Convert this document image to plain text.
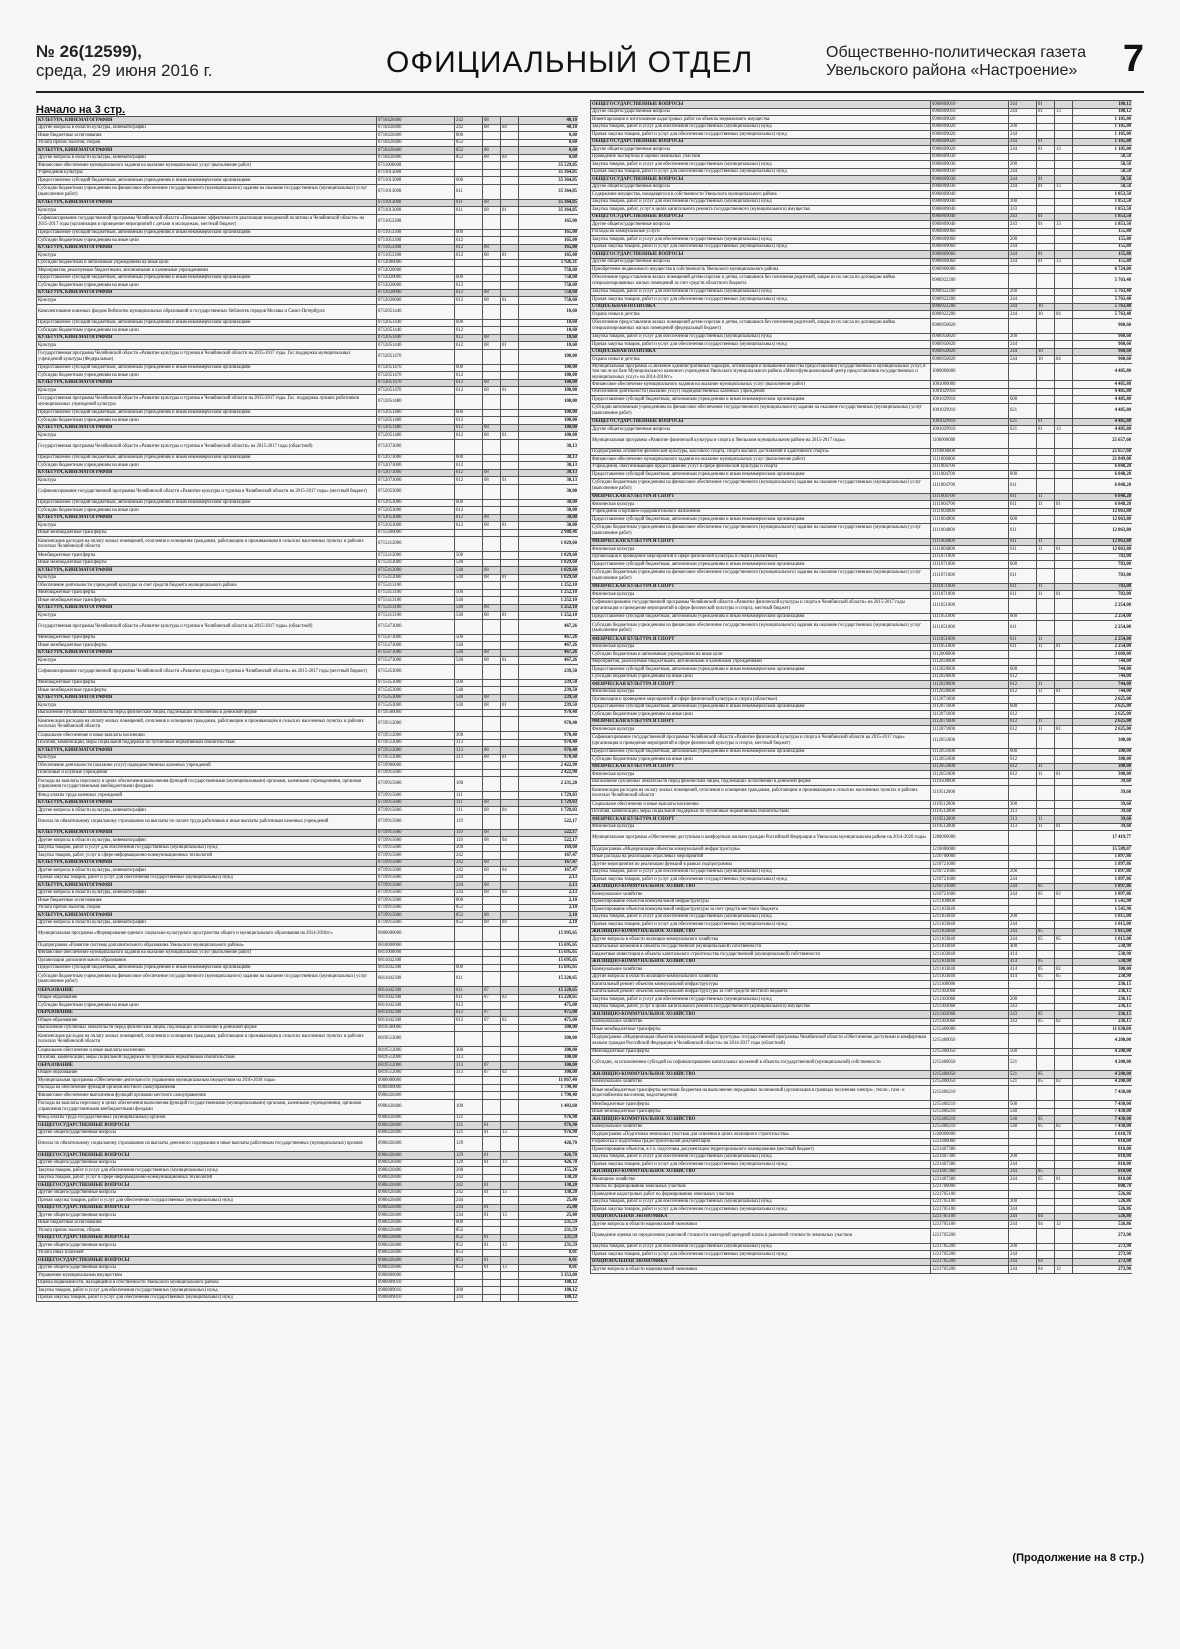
№ 26(12599),
среда, 29 июня 2016 г.	ОФИЦИАЛЬНЫЙ ОТДЕЛ	Общественно-политическая газета
Увельского района «Настроение» 7
Начало на 3 стр.
КУЛЬТУРА, КИНЕМАТОГРАФИЯ	0710420400	242	08		40,10
Другие вопросы в области культуры, кинематографии	0710420400	242	08	04	40,10
Иные бюджетные ассигнования	0710420400	800			0,60
Уплата прочих налогов, сборов	0710420400	852			0,60
КУЛЬТУРА, КИНЕМАТОГРАФИЯ	0710420400	852	08		0,60
Другие вопросы в области культуры, кинематографии	0710420400	852	08	04	0,60
Финансовое обеспечение муниципального задания на оказание муниципальных услуг (выполнение работ)	0711000000				35 529,85
Учреждения культуры	0711013000				35 364,85
Предоставление субсидий бюджетным, автономным учреждениям и иным некоммерческим организациям	0711013000	600			35 364,85
Субсидии бюджетным учреждениям на финансовое обеспечение государственного (муниципального) задания на оказание государственных (муниципальных) услуг (выполнение работ)	0711013000	611			35 364,85
КУЛЬТУРА, КИНЕМАТОГРАФИЯ	0711013000	611	08		35 364,85
Культура	0711013000	611	08	01	35 364,85
Софинансирование государственной программы Челябинской области «Повышение эффективности реализации молодежной политики в Челябинской области» на 2015-2017 годы (организация и проведение мероприятий с детьми и молодежью, местный бюджет)	0711053300				165,00
Предоставление субсидий бюджетным, автономным учреждениям и иным некоммерческим организациям	0711053300	600			165,00
Субсидии бюджетным учреждениям на иные цели	0711053300	612			165,00
КУЛЬТУРА, КИНЕМАТОГРАФИЯ	0711053300	612	08		165,00
Культура	0711053300	612	08	01	165,00
Субсидии бюджетным и автономным учреждениям на иные цели	0712000000				1 926,11
Мероприятия, реализуемые бюджетными, автономными и казенными учреждениями	0712020000				758,60
Предоставление субсидий бюджетным, автономным учреждениям и иным некоммерческим организациям	0712020000	600			758,60
Субсидии бюджетным учреждениям на иные цели	0712020000	612			758,60
КУЛЬТУРА, КИНЕМАТОГРАФИЯ	0712020000	612	08		758,60
Культура	0712020000	612	08	01	758,60
Комплектование книжных фондов библиотек муниципальных образований и государственных библиотек городов Москвы и Санкт-Петербурга	0712051440				10,60
Предоставление субсидий бюджетным, автономным учреждениям и иным некоммерческим организациям	0712051440	600			10,60
Субсидии бюджетным учреждениям на иные цели	0712051440	612			10,60
КУЛЬТУРА, КИНЕМАТОГРАФИЯ	0712051440	612	08		10,60
Культура	0712051440	612	08	01	10,60
Государственная программа Челябинской области «Развитие культуры и туризма в Челябинской области на 2015-2017 годы. Гос.поддержка муниципальных учреждений культуры (Федеральные)	0712051470				100,00
Предоставление субсидий бюджетным, автономным учреждениям и иным некоммерческим организациям	0712051470	600			100,00
Субсидии бюджетным учреждениям на иные цели	0712051470	612			100,00
КУЛЬТУРА, КИНЕМАТОГРАФИЯ	0712051470	612	08		100,00
Культура	0712051470	612	08	01	100,00
Государственная программа Челябинской области «Развитие культуры и туризма в Челябинской области на 2015-2017 годы. Гос. поддержка лучших работников муниципальных учреждений культуры	0712051480				100,00
Предоставление субсидий бюджетным, автономным учреждениям и иным некоммерческим организациям	0712051480	600			100,00
Субсидии бюджетным учреждениям на иные цели	0712051480	612			100,00
КУЛЬТУРА, КИНЕМАТОГРАФИЯ	0712051480	612	08		100,00
Культура	0712051480	612	08	01	100,00
Государственная программа Челябинской области «Развитие культуры и туризма в Челябинской области» на 2015-2017 годы (областной)	0712073000				30,13
Предоставление субсидий бюджетным, автономным учреждениям и иным некоммерческим организациям	0712073000	600			30,13
Субсидии бюджетным учреждениям на иные цели	0712073000	612			30,13
КУЛЬТУРА, КИНЕМАТОГРАФИЯ	0712073000	612	08		30,13
Культура	0712073000	612	08	01	30,13
Софинансирование государственной программы Челябинской области «Развитие культуры и туризма в Челябинской области на 2015-2017 годы» (местный бюджет)	0712053000				30,00
Предоставление субсидий бюджетным, автономным учреждениям и иным некоммерческим организациям	0712053000	600			30,00
Субсидии бюджетным учреждениям на иные цели	0712053000	612			30,00
КУЛЬТУРА, КИНЕМАТОГРАФИЯ	0712053000	612	08		30,00
Культура	0712053000	612	08	01	30,00
Иные межбюджетные трансферты	0715400000				2 988,46
Компенсация расходов на оплату жилых помещений, отопления и освещения гражданам, работающим и проживающим в сельских населенных пунктах и рабочих поселках Челябинской области	0715412000				1 029,60
Межбюджетные трансферты	0715412000	500			1 029,60
Иные межбюджетные трансферты	0715412000	540			1 029,60
КУЛЬТУРА, КИНЕМАТОГРАФИЯ	0715412000	540	08		1 029,60
Культура	0715412000	540	08	01	1 029,60
Обеспечение деятельности учреждений культуры за счет средств бюджета муниципального района	0715413100				1 252,10
Межбюджетные трансферты	0715413100	500			1 252,10
Иные межбюджетные трансферты	0715413100	540			1 252,10
КУЛЬТУРА, КИНЕМАТОГРАФИЯ	0715413100	540	08		1 252,10
Культура	0715413100	540	08	01	1 252,10
Государственная программа Челябинской области «Развитие культуры и туризма в Челябинской области на 2015-2017 годы» (областной)	0715473000				467,26
Межбюджетные трансферты	0715473000	500			467,26
Иные межбюджетные трансферты	0715473000	540			467,26
КУЛЬТУРА, КИНЕМАТОГРАФИЯ	0715473000	540	08		467,26
Культура	0715473000	540	08	01	467,26
Софинансирование государственной программы Челябинской области «Развитие культуры и туризма в Челябинской области» на 2015-2017 годы (местный бюджет)	0715453000				239,50
Межбюджетные трансферты	0715453000	500			239,50
Иные межбюджетные трансферты	0715453000	540			239,50
КУЛЬТУРА, КИНЕМАТОГРАФИЯ	0715453000	540	08		239,50
Культура	0715453000	540	08	01	239,50
Выполнение публичных обязательств перед физическим лицом, подлежащих исполнению в денежной форме	0719500000				970,40
Компенсация расходов на оплату жилых помещений, отопления и освещения гражданам, работающим и проживающим в сельских населенных пунктах и рабочих поселках Челябинской области	0719512000				970,40
Социальное обеспечение и иные выплаты населению	0719512000	300			970,40
Пособия, компенсации, меры социальной поддержки по публичным нормативным обязательствам	0719512000	313			970,40
КУЛЬТУРА, КИНЕМАТОГРАФИЯ	0719512000	313	08		970,40
Культура	0719512000	313	08	01	970,40
Обеспечение деятельности (оказание услуг) подведомственных казенных учреждений	0719900000				2 422,90
Поисковые и клубные учреждения	0719915600				2 422,90
Расходы на выплаты персоналу в целях обеспечения выполнения функций государственными (муниципальными) органами, казенными учреждениями, органами управления государственными внебюджетными фондами	0719915600	100			2 231,20
Фонд оплаты труда казенных учреждений	0719915600	111			1 729,03
КУЛЬТУРА, КИНЕМАТОГРАФИЯ	0719915600	111	08		1 729,03
Другие вопросы в области культуры, кинематографии	0719915600	111	08	04	1 729,03
Взносы по обязательному социальному страхованию на выплаты по оплате труда работников и иные выплаты работникам казенных учреждений	0719915600	119			522,17
КУЛЬТУРА, КИНЕМАТОГРАФИЯ	0719915600	119	08		522,17
Другие вопросы в области культуры, кинематографии	0719915600	119	08	04	522,17
Закупка товаров, работ и услуг для обеспечения государственных (муниципальных) нужд	0719915600	200			169,60
Закупка товаров, работ, услуг в сфере информационно-коммуникационных технологий	0719915600	242			167,47
КУЛЬТУРА, КИНЕМАТОГРАФИЯ	0719915600	242	08		167,47
Другие вопросы в области культуры, кинематографии	0719915600	242	08	04	167,47
Прочая закупка товаров, работ и услуг для обеспечения государственных (муниципальных) нужд	0719915600	244			2,13
КУЛЬТУРА, КИНЕМАТОГРАФИЯ	0719915600	244	08		2,13
Другие вопросы в области культуры, кинематографии	0719915600	244	08	04	2,13
Иные бюджетные ассигнования	0719915600	800			2,10
Уплата прочих налогов, сборов	0719915600	852			2,10
КУЛЬТУРА, КИНЕМАТОГРАФИЯ	0719915600	852	08		2,10
Другие вопросы в области культуры, кинематографии	0719915600	852	08	04	2,10
Муниципальная программа «Формирование единого социально-культурного пространства общего и муниципального образования на 2014-2018гг»	0800000000				15 995,65
Подпрограмма «Развитие системы дополнительного образования Увельского муниципального района»	0810000000				15 695,65
Финансовое обеспечение муниципального задания на оказание муниципальных услуг (выполнение работ)	0811000000				15 695,65
Организации дополнительного образования	0811042300				15 695,65
Предоставление субсидий бюджетным, автономным учреждениям и иным некоммерческим организациям	0811042300	600			15 695,65
Субсидии бюджетным учреждениям на финансовое обеспечение государственного (муниципального) задания на оказание государственных (муниципальных) услуг (выполнение работ)	0811042300	611			15 220,65
ОБРАЗОВАНИЕ	0811042300	611	07		15 220,65
Общее образование	0811042300	611	07	02	15 220,65
Субсидии бюджетным учреждениям на иные цели	0811042300	612			475,00
ОБРАЗОВАНИЕ	0811042300	612	07		475,00
Общее образование	0811042300	612	07	02	475,00
Выполнение публичных обязательств перед физическим лицом, подлежащих исполнению в денежной форме	0819500000				300,00
Компенсация расходов на оплату жилых помещений, отопления и освещения гражданам, работающим и проживающим в сельских населенных пунктах и рабочих поселках Челябинской области	0819512000				300,00
Социальное обеспечение и иные выплаты населению	0819512000	300			300,00
Пособия, компенсации, меры социальной поддержки по публичным нормативным обязательствам	0819512000	313			300,00
ОБРАЗОВАНИЕ	0819512000	313	07		300,00
Общее образование	0819512000	313	07	02	300,00
Муниципальная программа «Обеспечение деятельности управления муниципальным имуществом на 2016-2018 годы»	0900000000				11 867,40
Расходы на обеспечение функций органов местного самоуправления	0900400000				1 790,40
Финансовое обеспечение выполнения функций органами местного самоуправления	0900420400				1 790,40
Расходы на выплаты персоналу в целях обеспечения выполнения функций государственными (муниципальными) органами, казенными учреждениями, органами управления государственными внебюджетными фондами	0900420400	100			1 403,60
Фонд оплаты труда государственных (муниципальных) органов	0900420400	121			976,90
ОБЩЕГОСУДАРСТВЕННЫЕ ВОПРОСЫ	0900420400	121	01		976,90
Другие общегосударственные вопросы	0900420400	121	01	13	976,90
Взносы по обязательному социальному страхованию на выплаты денежного содержания и иные выплаты работникам государственных (муниципальных) органов	0900420400	129			426,70
ОБЩЕГОСУДАРСТВЕННЫЕ ВОПРОСЫ	0900420400	129	01		426,70
Другие общегосударственные вопросы	0900420400	129	01	13	426,70
Закупка товаров, работ и услуг для обеспечения государственных (муниципальных) нужд	0900420400	200			155,20
Закупка товаров, работ, услуг в сфере информационно-коммуникационных технологий	0900420400	242			130,20
ОБЩЕГОСУДАРСТВЕННЫЕ ВОПРОСЫ	0900420400	242	01		130,20
Другие общегосударственные вопросы	0900420400	242	01	13	130,20
Прочая закупка товаров, работ и услуг для обеспечения государственных (муниципальных) нужд	0900420400	244			25,00
ОБЩЕГОСУДАРСТВЕННЫЕ ВОПРОСЫ	0900420400	244	01		25,00
Другие общегосударственные вопросы	0900420400	244	01	13	25,00
Иные бюджетные ассигнования	0900420400	800			231,59
Уплата прочих налогов, сборов	0900420400	852			231,59
ОБЩЕГОСУДАРСТВЕННЫЕ ВОПРОСЫ	0900420400	852	01		231,59
Другие общегосударственные вопросы	0900420400	852	01	13	231,59
Уплата иных платежей	0900420400	853			0,01
ОБЩЕГОСУДАРСТВЕННЫЕ ВОПРОСЫ	0900420400	853	01		0,01
Другие общегосударственные вопросы	0900420400	853	01	13	0,01
Управление муниципальным имуществом	0900800000				3 353,00
Оценка недвижимости, находящейся в собственности Увельского муниципального района	0900809010				180,12
Закупка товаров, работ и услуг для обеспечения государственных (муниципальных) нужд	0900809010	200			180,12
Прочая закупка товаров, работ и услуг для обеспечения государственных (муниципальных) нужд	0900809010	244			180,12
ОБЩЕГОСУДАРСТВЕННЫЕ ВОПРОСЫ	0900809010	244	01		180,12
Другие общегосударственные вопросы	0900809010	244	01	13	180,12
Инвентаризация и изготовление кадастровых работ на объекты недвижимого имущества	0900809020				1 105,00
Закупка товаров, работ и услуг для обеспечения государственных (муниципальных) нужд	0900809020	200			1 105,00
Прочая закупка товаров, работ и услуг для обеспечения государственных (муниципальных) нужд	0900809020	244			1 105,00
ОБЩЕГОСУДАРСТВЕННЫЕ ВОПРОСЫ	0900809020	244	01		1 105,00
Другие общегосударственные вопросы	0900809020	244	01	13	1 105,00
Проведение экспертизы и оценки земельных участков	0900809030				58,58
Закупка товаров, работ и услуг для обеспечения государственных (муниципальных) нужд	0900809030	200			58,58
Прочая закупка товаров, работ и услуг для обеспечения государственных (муниципальных) нужд	0900809030	244			58,58
ОБЩЕГОСУДАРСТВЕННЫЕ ВОПРОСЫ	0900809030	244	01		58,58
Другие общегосударственные вопросы	0900809030	244	01	13	58,58
Содержание имущества, находящегося в собственности Увельского муниципального района	0900809040				1 853,50
Закупка товаров, работ и услуг для обеспечения государственных (муниципальных) нужд	0900809040	200			1 853,50
Закупка товаров, работ, услуг в целях капитального ремонта государственного (муниципального) имущества	0900809040	243			1 853,50
ОБЩЕГОСУДАРСТВЕННЫЕ ВОПРОСЫ	0900809040	243	01		1 853,50
Другие общегосударственные вопросы	0900809040	243	01	13	1 853,50
Расходы на коммунальные услуги	0900809060				155,80
Закупка товаров, работ и услуг для обеспечения государственных (муниципальных) нужд	0900809060	200			155,80
Прочая закупка товаров, работ и услуг для обеспечения государственных (муниципальных) нужд	0900809060	244			155,80
ОБЩЕГОСУДАРСТВЕННЫЕ ВОПРОСЫ	0900809060	244	01		155,80
Другие общегосударственные вопросы	0900809060	244	01	13	155,80
Приобретение недвижимого имущества в собственность Увельского муниципального района	0900900000				6 724,00
Обеспечение предоставления жилых помещений детям-сиротам и детям, оставшимся без попечения родителей, лицам из их числа по договорам найма специализированных жилых помещений за счет средств областного бюджета	0900922200				5 763,40
Закупка товаров, работ и услуг для обеспечения государственных (муниципальных) нужд	0900922200	200			5 763,40
Прочая закупка товаров, работ и услуг для обеспечения государственных (муниципальных) нужд	0900922200	244			5 763,40
СОЦИАЛЬНАЯ ПОЛИТИКА	0900922200	244	10		5 763,40
Охрана семьи и детства	0900922200	244	10	04	5 763,40
Обеспечение предоставления жилых помещений детям-сиротам и детям, оставшимся без попечения родителей, лицам из их числа по договорам найма специализированных жилых помещений (федеральный бюджет)	0900950820				960,60
Закупка товаров, работ и услуг для обеспечения государственных (муниципальных) нужд	0900950820	200			960,60
Прочая закупка товаров, работ и услуг для обеспечения государственных (муниципальных) нужд	0900950820	244			960,60
СОЦИАЛЬНАЯ ПОЛИТИКА	0900950820	244	10		960,60
Охрана семьи и детства	0900950820	244	10	04	960,60
Муниципальная программа «Снижение административных барьеров, оптимизация и повышение качества предоставления государственных и муниципальных услуг, в том числе на базе Муниципального казенного учреждения Увельского муниципального района «Многофункциональный центр предоставления государственных и муниципальных услуг» на 2014-2016гг»	1000000000				4 485,80
Финансовое обеспечение муниципального задания на оказание муниципальных услуг (выполнение работ)	1001000000				4 485,80
Обеспечение деятельности (оказание услуг) подведомственных казенных учреждений	1001029910				4 485,80
Предоставление субсидий бюджетным, автономным учреждениям и иным некоммерческим организациям	1001029910	600			4 485,80
Субсидии автономным учреждениям на финансовое обеспечение государственного (муниципального) задания на оказание государственных (муниципальных) услуг (выполнение работ)	1001029910	621			4 485,80
ОБЩЕГОСУДАРСТВЕННЫЕ ВОПРОСЫ	1001029910	621	01		4 485,80
Другие общегосударственные вопросы	1001029910	621	01	13	4 485,80
Муниципальная программа «Развитие физической культуры и спорта в Увельском муниципальном районе на 2015-2017 годы»	1100000000				25 657,60
Подпрограмма «Развитие физической культуры, массового спорта, спорта высших достижений и адаптивного спорта»	1110000000				25 657,60
Финансовое обеспечение муниципального задания на оказание муниципальных услуг (выполнение работ)	1111000000				21 849,00
Учреждения, обеспечивающие предоставление услуг в сфере физической культуры и спорта	1111004700				6 848,20
Предоставление субсидий бюджетным, автономным учреждениям и иным некоммерческим организациям	1111004700	600			6 848,20
Субсидии бюджетным учреждениям на финансовое обеспечение государственного (муниципального) задания на оказание государственных (муниципальных) услуг (выполнение работ)	1111004700	611			6 848,20
ФИЗИЧЕСКАЯ КУЛЬТУРА И СПОРТ	1111004700	611	11		6 848,20
Физическая культура	1111004700	611	11	01	6 848,20
Учреждения спортивно-оздоровительного назначения	1111004800				12 063,80
Предоставление субсидий бюджетным, автономным учреждениям и иным некоммерческим организациям	1111004800	600			12 063,80
Субсидии бюджетным учреждениям на финансовое обеспечение государственного (муниципального) задания на оказание государственных (муниципальных) услуг (выполнение работ)	1111004800	611			12 063,80
ФИЗИЧЕСКАЯ КУЛЬТУРА И СПОРТ	1111004800	611	11		12 063,80
Физическая культура	1111004800	611	11	01	12 063,80
Организация и проведение мероприятий в сфере физической культуры и спорта (областные)	1111071000				783,00
Предоставление субсидий бюджетным, автономным учреждениям и иным некоммерческим организациям	1111071000	600			783,00
Субсидии бюджетным учреждениям на финансовое обеспечение государственного (муниципального) задания на оказание государственных (муниципальных) услуг (выполнение работ)	1111071000	611			783,00
ФИЗИЧЕСКАЯ КУЛЬТУРА И СПОРТ	1111071000	611	11		783,00
Физическая культура	1111071000	611	11	01	783,00
Софинансирование государственной программы Челябинской области «Развитие физической культуры и спорта в Челябинской области» на 2015-2017 годы (организация и проведение мероприятий в сфере физической культуры и спорта, местный бюджет)	1111051000				2 254,00
Предоставление субсидий бюджетным, автономным учреждениям и иным некоммерческим организациям	1111051000	600			2 254,00
Субсидии бюджетным учреждениям на финансовое обеспечение государственного (муниципального) задания на оказание государственных (муниципальных) услуг (выполнение работ)	1111051000	611			2 254,00
ФИЗИЧЕСКАЯ КУЛЬТУРА И СПОРТ	1111051000	611	11		2 254,00
Физическая культура	1111051000	611	11	01	2 254,00
Субсидии бюджетным и автономным учреждениям на иные цели	1112000000				3 669,00
Мероприятия, реализуемые бюджетными, автономными и казенными учреждениями	1112020000				744,00
Предоставление субсидий бюджетным, автономным учреждениям и иным некоммерческим организациям	1112020000	600			744,00
Субсидии бюджетным учреждениям на иные цели	1112020000	612			744,00
ФИЗИЧЕСКАЯ КУЛЬТУРА И СПОРТ	1112020000	612	11		744,00
Физическая культура	1112020000	612	11	01	744,00
Организация и проведение мероприятий в сфере физической культуры и спорта (областные)	1112071000				2 625,00
Предоставление субсидий бюджетным, автономным учреждениям и иным некоммерческим организациям	1112071000	600			2 625,00
Субсидии бюджетным учреждениям на иные цели	1112071000	612			2 625,00
ФИЗИЧЕСКАЯ КУЛЬТУРА И СПОРТ	1112071000	612	11		2 625,00
Физическая культура	1112071000	612	11	01	2 625,00
Софинансирование государственной программы Челябинской области «Развитие физической культуры и спорта в Челябинской области на 2015-2017 годы» (организация и проведение мероприятий в сфере физической культуры и спорта, местный бюджет)	1112051000				300,00
Предоставление субсидий бюджетным, автономным учреждениям и иным некоммерческим организациям	1112051000	600			300,00
Субсидии бюджетным учреждениям на иные цели	1112051000	612			300,00
ФИЗИЧЕСКАЯ КУЛЬТУРА И СПОРТ	1112051000	612	11		300,00
Физическая культура	1112051000	612	11	01	300,00
Выполнение публичных обязательств перед физическим лицом, подлежащих исполнению в денежной форме	1119500000				39,60
Компенсация расходов на оплату жилых помещений, отопления и освещения гражданам, работающим и проживающим в сельских населенных пунктах и рабочих поселках Челябинской области	1119512000				39,60
Социальное обеспечение и иные выплаты населению	1119512000	300			39,60
Пособия, компенсации, меры социальной поддержки по публичным нормативным обязательствам	1119512000	313			39,60
ФИЗИЧЕСКАЯ КУЛЬТУРА И СПОРТ	1119512000	313	11		39,60
Физическая культура	1119512000	313	11	01	39,60
Муниципальная программа «Обеспечение доступным и комфортным жильем граждан Российской Федерации в Увельском муниципальном районе на 2014-2020 годы»	1200000000				17 419,77
Подпрограмма «Модернизация объектов коммунальной инфраструктуры»	1210000000				15 589,07
Иные расходы на реализацию отраслевых мероприятий	1210700000				1 897,86
Другие мероприятия по реализации функций в рамках подпрограммы	1210721600				1 897,86
Закупка товаров, работ и услуг для обеспечения государственных (муниципальных) нужд	1210721600	200			1 897,86
Прочая закупка товаров, работ и услуг для обеспечения государственных (муниципальных) нужд	1210721600	244			1 897,86
ЖИЛИЩНО-КОММУНАЛЬНОЕ ХОЗЯЙСТВО	1210721600	244	05		1 897,86
Коммунальное хозяйство	1210721600	244	05	02	1 897,86
Проектирование объектов коммунальной инфраструктуры	1211100000				1 545,90
Проектирование объектов коммунальной инфраструктуры за счет средств местного бюджета	1211103040				1 545,90
Закупка товаров, работ и услуг для обеспечения государственных (муниципальных) нужд	1211103040	200			1 015,00
Прочая закупка товаров, работ и услуг для обеспечения государственных (муниципальных) нужд	1211103040	244			1 015,00
ЖИЛИЩНО-КОММУНАЛЬНОЕ ХОЗЯЙСТВО	1211103040	244	05		1 015,00
Другие вопросы в области жилищно-коммунального хозяйства	1211103040	244	05	05	1 015,00
Капитальные вложения в объекты государственной (муниципальной) собственности	1211103040	400			530,90
Бюджетные инвестиции в объекты капитального строительства государственной (муниципальной) собственности	1211103040	414			530,90
ЖИЛИЩНО-КОММУНАЛЬНОЕ ХОЗЯЙСТВО	1211103040	414	05		530,90
Коммунальное хозяйство	1211103040	414	05	02	300,00
Другие вопросы в области жилищно-коммунального хозяйства	1211103040	414	05	05	230,90
Капитальный ремонт объектов коммунальной инфраструктуры	1211300000				236,15
Капитальный ремонт объектов коммунальной инфраструктуры за счет средств местного бюджета	1211303060				236,15
Закупка товаров, работ и услуг для обеспечения государственных (муниципальных) нужд	1211303060	200			236,15
Закупка товаров, работ, услуг в целях капитального ремонта государственного (муниципального) имущества	1211303060	243			236,15
ЖИЛИЩНО-КОММУНАЛЬНОЕ ХОЗЯЙСТВО	1211303060	243	05		236,15
Коммунальное хозяйство	1211303060	243	05	02	236,15
Иные межбюджетные трансферты	1215400000				11 630,00
Подпрограмма «Модернизация объектов коммунальной инфраструктуры» государственной программы Челябинской области «Обеспечение доступным и комфортным жильем граждан Российской Федерации в Челябинской области» на 2014-2017 годы (областной)	1215400050				4 200,00
Межбюджетные трансферты	1215400050	500			4 200,00
Субсидии, за исключением субсидий на софинансирование капитальных вложений в объекты государственной (муниципальной) собственности	1215400050	521			4 200,00
ЖИЛИЩНО-КОММУНАЛЬНОЕ ХОЗЯЙСТВО	1215400050	521	05		4 200,00
Коммунальное хозяйство	1215400050	521	05	02	4 200,00
Иные межбюджетные трансферты местным бюджетам на выполнение переданных полномочий (организация в границах поселения электро-, тепло-, газо- и водоснабжения населения, водоотведения)	1215406210				7 430,00
Межбюджетные трансферты	1215406210	500			7 430,00
Иные межбюджетные трансферты	1215406210	540			7 430,00
ЖИЛИЩНО-КОММУНАЛЬНОЕ ХОЗЯЙСТВО	1215406210	540	05		7 430,00
Коммунальное хозяйство	1215406210	540	05	02	7 430,00
Подпрограмма «Подготовка земельных участков для освоения в целях жилищного строительства»	1220000000				1 610,70
Разработка и подготовка градостроительной документации	1221400000				810,00
Проектирование объектов, в т.ч. подготовка документации территориального планирования (местный бюджет)	1221407300				810,00
Закупка товаров, работ и услуг для обеспечения государственных (муниципальных) нужд	1221407300	200			810,00
Прочая закупка товаров, работ и услуг для обеспечения государственных (муниципальных) нужд	1221407300	244			810,00
ЖИЛИЩНО-КОММУНАЛЬНОЕ ХОЗЯЙСТВО	1221407300	244	05		810,00
Жилищное хозяйство	1221407300	244	05	01	810,00
Работы по формированию земельных участков	1221700000				800,70
Проведение кадастровых работ по формированию земельных участков	1221705100				526,86
Закупка товаров, работ и услуг для обеспечения государственных (муниципальных) нужд	1221705100	200			526,86
Прочая закупка товаров, работ и услуг для обеспечения государственных (муниципальных) нужд	1221705100	244			526,86
НАЦИОНАЛЬНАЯ ЭКОНОМИКА	1221705100	244	04		526,86
Другие вопросы в области национальной экономики	1221705100	244	04	12	526,86
Проведение оценки по определению рыночной стоимости ежегодной арендной платы и рыночной стоимости земельных участков	1221705200				273,90
Закупка товаров, работ и услуг для обеспечения государственных (муниципальных) нужд	1221705200	200			273,90
Прочая закупка товаров, работ и услуг для обеспечения государственных (муниципальных) нужд	1221705200	244			273,90
НАЦИОНАЛЬНАЯ ЭКОНОМИКА	1221705200	244	04		273,90
Другие вопросы в области национальной экономики	1221705200	244	04	12	273,90
(Продолжение на 8 стр.)
